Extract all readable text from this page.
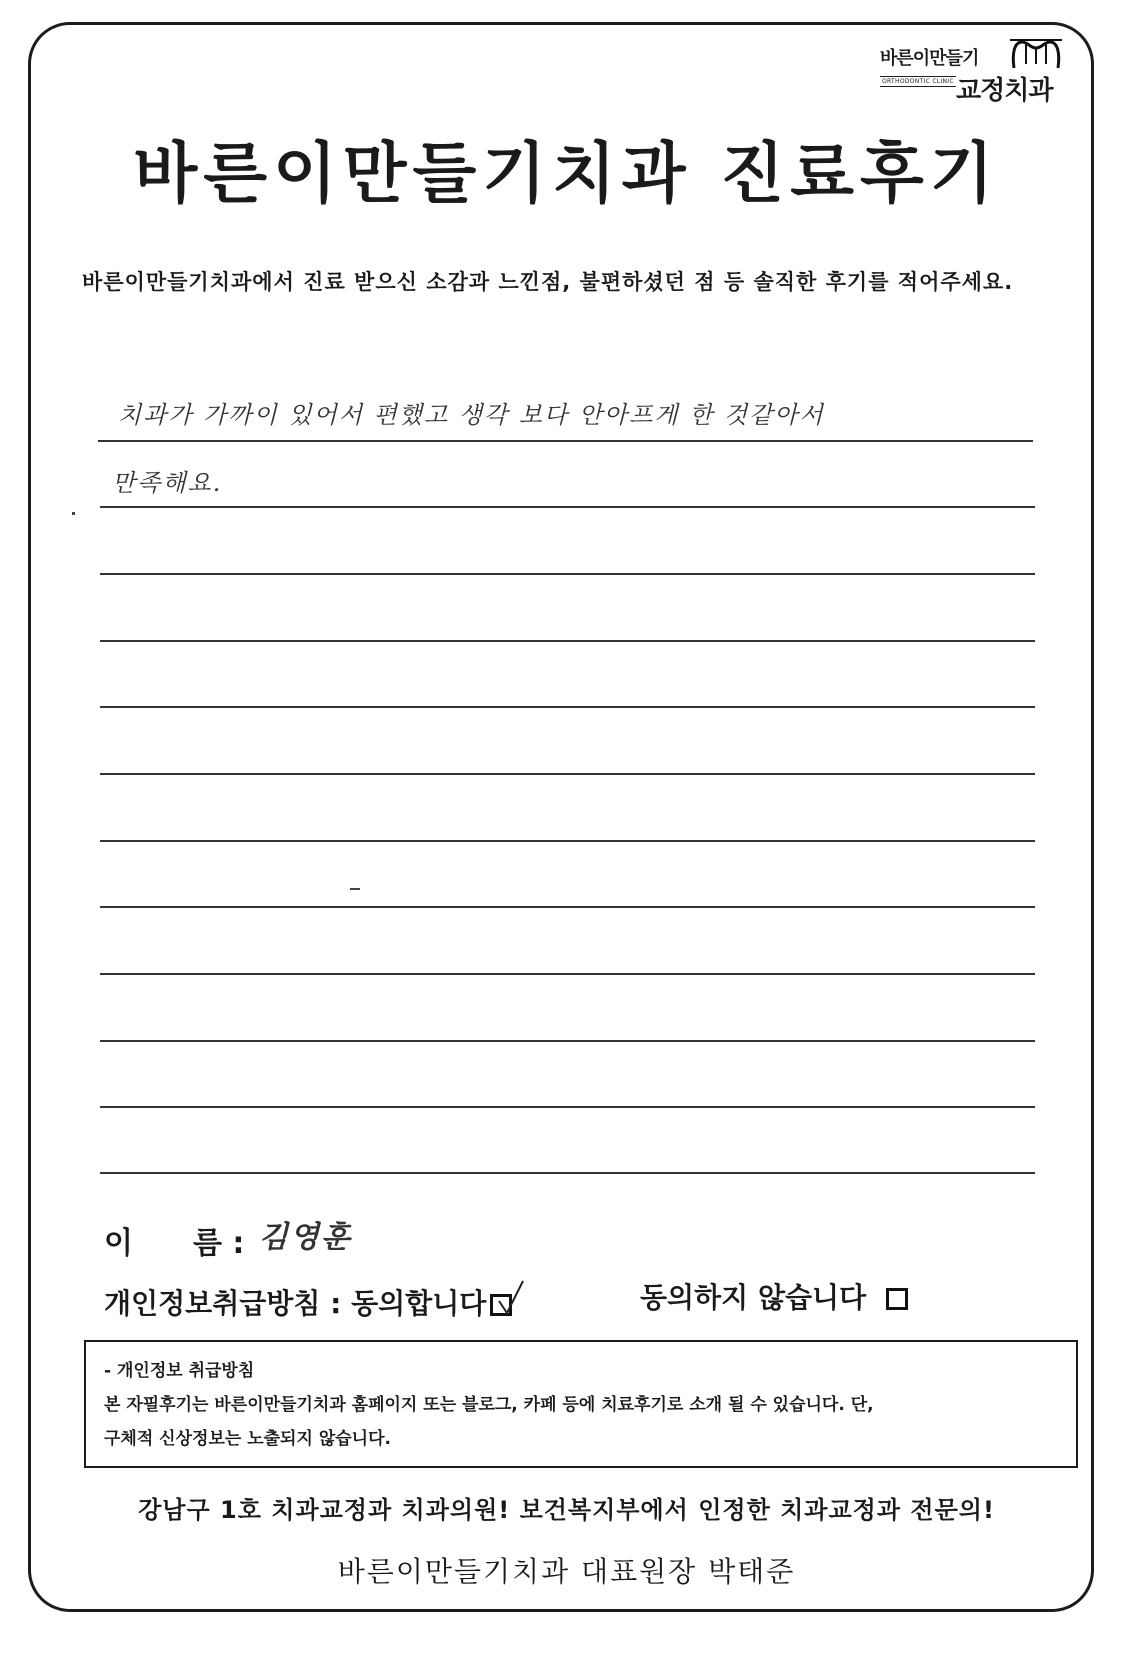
바른이만들기
ORTHODONTIC CLINIC 교정치과
바른이만들기치과 진료후기
바른이만들기치과에서 진료 받으신 소감과 느낀점, 불편하셨던 점 등 솔직한 후기를 적어주세요.
치과가 가까이 있어서 편했고 생각 보다 안아프게 한 것같아서
만족해요.
이 름 : 김영훈
개인정보취급방침 : 동의합니다	동의하지 않습니다
- 개인정보 취급방침
본 자필후기는 바른이만들기치과 홈페이지 또는 블로그, 카페 등에 치료후기로 소개 될 수 있습니다. 단,
구체적 신상정보는 노출되지 않습니다.
강남구 1호 치과교정과 치과의원! 보건복지부에서 인정한 치과교정과 전문의!
바른이만들기치과 대표원장 박태준
